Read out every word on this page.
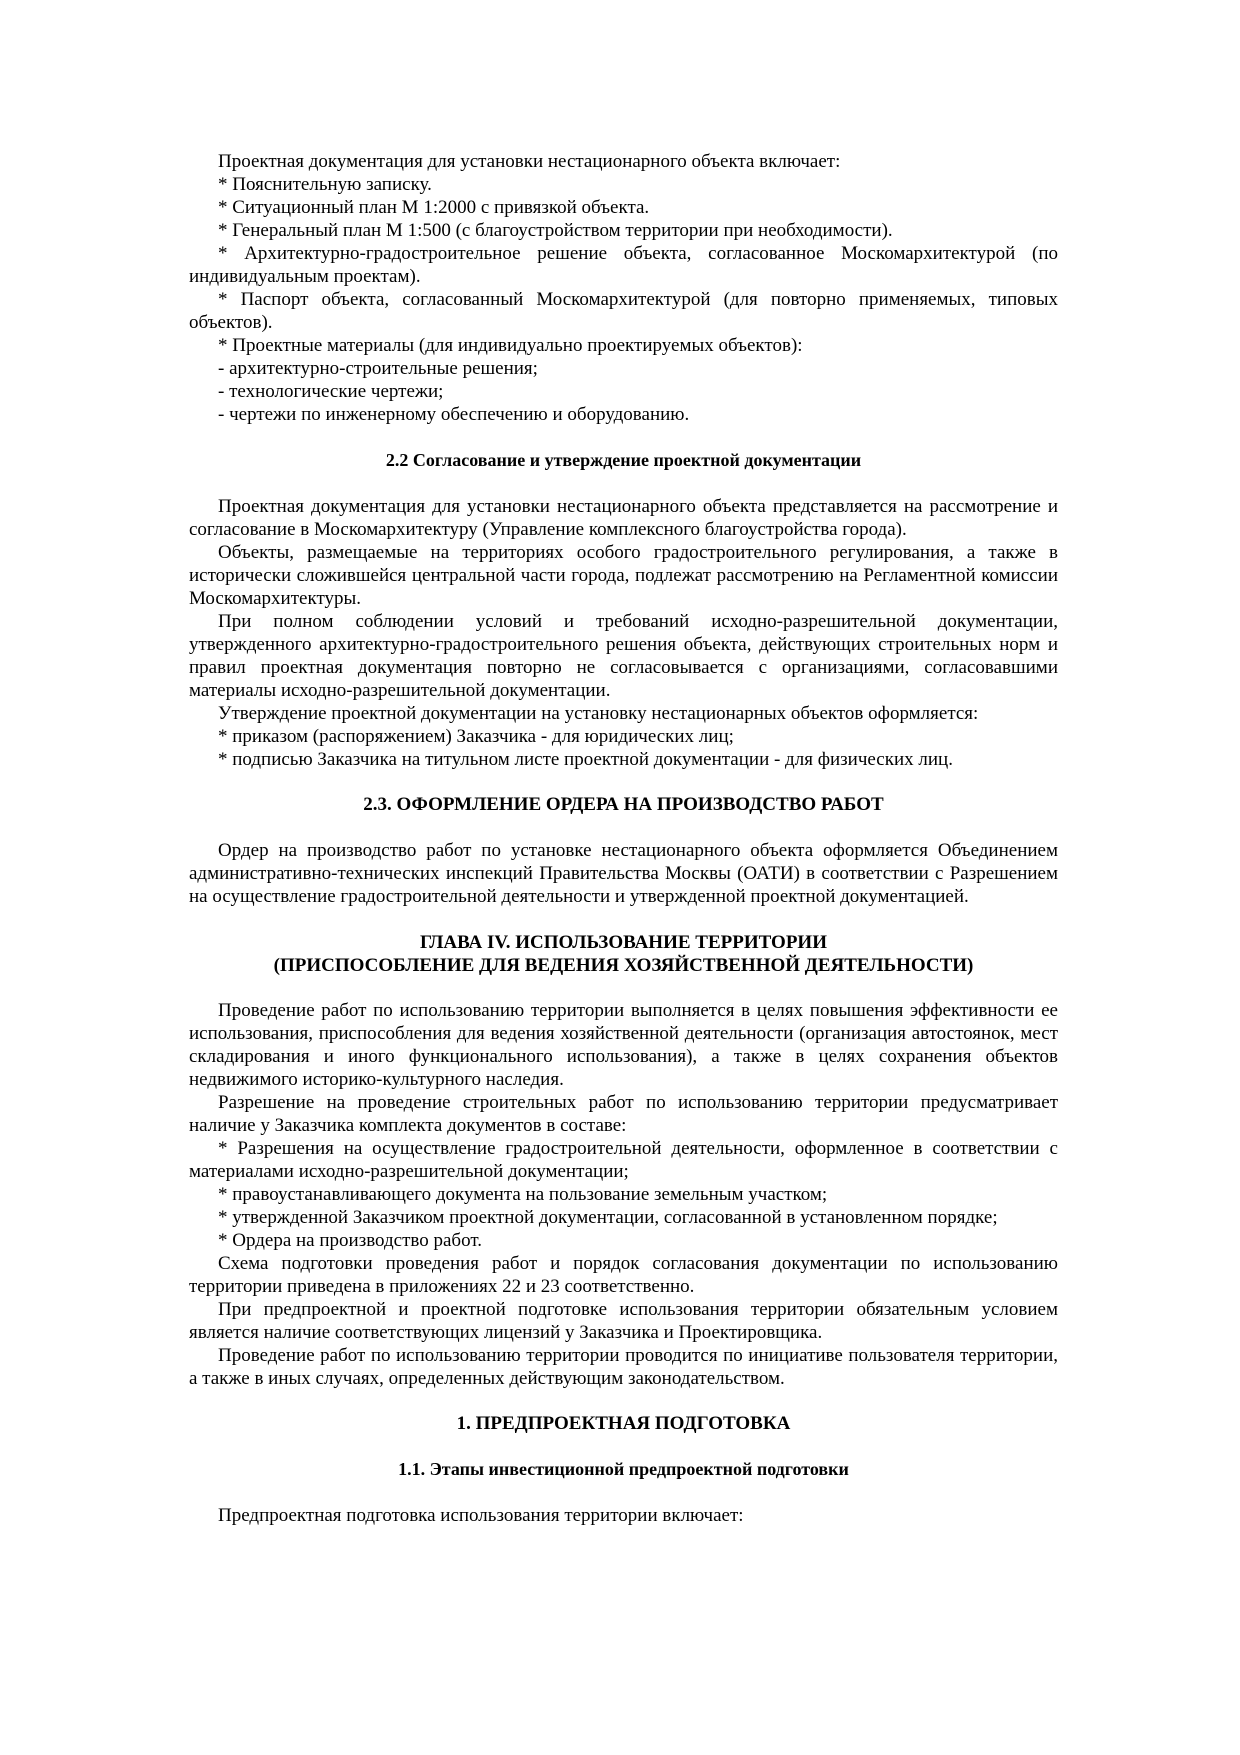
Проектная документация для установки нестационарного объекта включает:

* Пояснительную записку.

* Ситуационный план М 1:2000 с привязкой объекта.

* Генеральный план М 1:500 (с благоустройством территории при необходимости).

* Архитектурно-градостроительное решение объекта, согласованное Москомархитектурой (по индивидуальным проектам).

* Паспорт объекта, согласованный Москомархитектурой (для повторно применяемых, типовых объектов).

* Проектные материалы (для индивидуально проектируемых объектов):

- архитектурно-строительные решения;

- технологические чертежи;

- чертежи по инженерному обеспечению и оборудованию.

2.2 Согласование и утверждение проектной документации

Проектная документация для установки нестационарного объекта представляется на рассмотрение и согласование в Москомархитектуру (Управление комплексного благоустройства города).

Объекты, размещаемые на территориях особого градостроительного регулирования, а также в исторически сложившейся центральной части города, подлежат рассмотрению на Регламентной комиссии Москомархитектуры.

При полном соблюдении условий и требований исходно-разрешительной документации, утвержденного архитектурно-градостроительного решения объекта, действующих строительных норм и правил проектная документация повторно не согласовывается с организациями, согласовавшими материалы исходно-разрешительной документации.

Утверждение проектной документации на установку нестационарных объектов оформляется:

* приказом (распоряжением) Заказчика - для юридических лиц;

* подписью Заказчика на титульном листе проектной документации - для физических лиц.

2.3. ОФОРМЛЕНИЕ ОРДЕРА НА ПРОИЗВОДСТВО РАБОТ

Ордер на производство работ по установке нестационарного объекта оформляется Объединением административно-технических инспекций Правительства Москвы (ОАТИ) в соответствии с Разрешением на осуществление градостроительной деятельности и утвержденной проектной документацией.

ГЛАВА IV. ИСПОЛЬЗОВАНИЕ ТЕРРИТОРИИ
(ПРИСПОСОБЛЕНИЕ ДЛЯ ВЕДЕНИЯ ХОЗЯЙСТВЕННОЙ ДЕЯТЕЛЬНОСТИ)

Проведение работ по использованию территории выполняется в целях повышения эффективности ее использования, приспособления для ведения хозяйственной деятельности (организация автостоянок, мест складирования и иного функционального использования), а также в целях сохранения объектов недвижимого историко-культурного наследия.

Разрешение на проведение строительных работ по использованию территории предусматривает наличие у Заказчика комплекта документов в составе:

* Разрешения на осуществление градостроительной деятельности, оформленное в соответствии с материалами исходно-разрешительной документации;

* правоустанавливающего документа на пользование земельным участком;

* утвержденной Заказчиком проектной документации, согласованной в установленном порядке;

* Ордера на производство работ.

Схема подготовки проведения работ и порядок согласования документации по использованию территории приведена в приложениях 22 и 23 соответственно.

При предпроектной и проектной подготовке использования территории обязательным условием является наличие соответствующих лицензий у Заказчика и Проектировщика.

Проведение работ по использованию территории проводится по инициативе пользователя территории, а также в иных случаях, определенных действующим законодательством.

1. ПРЕДПРОЕКТНАЯ ПОДГОТОВКА
1.1. Этапы инвестиционной предпроектной подготовки

Предпроектная подготовка использования территории включает:
